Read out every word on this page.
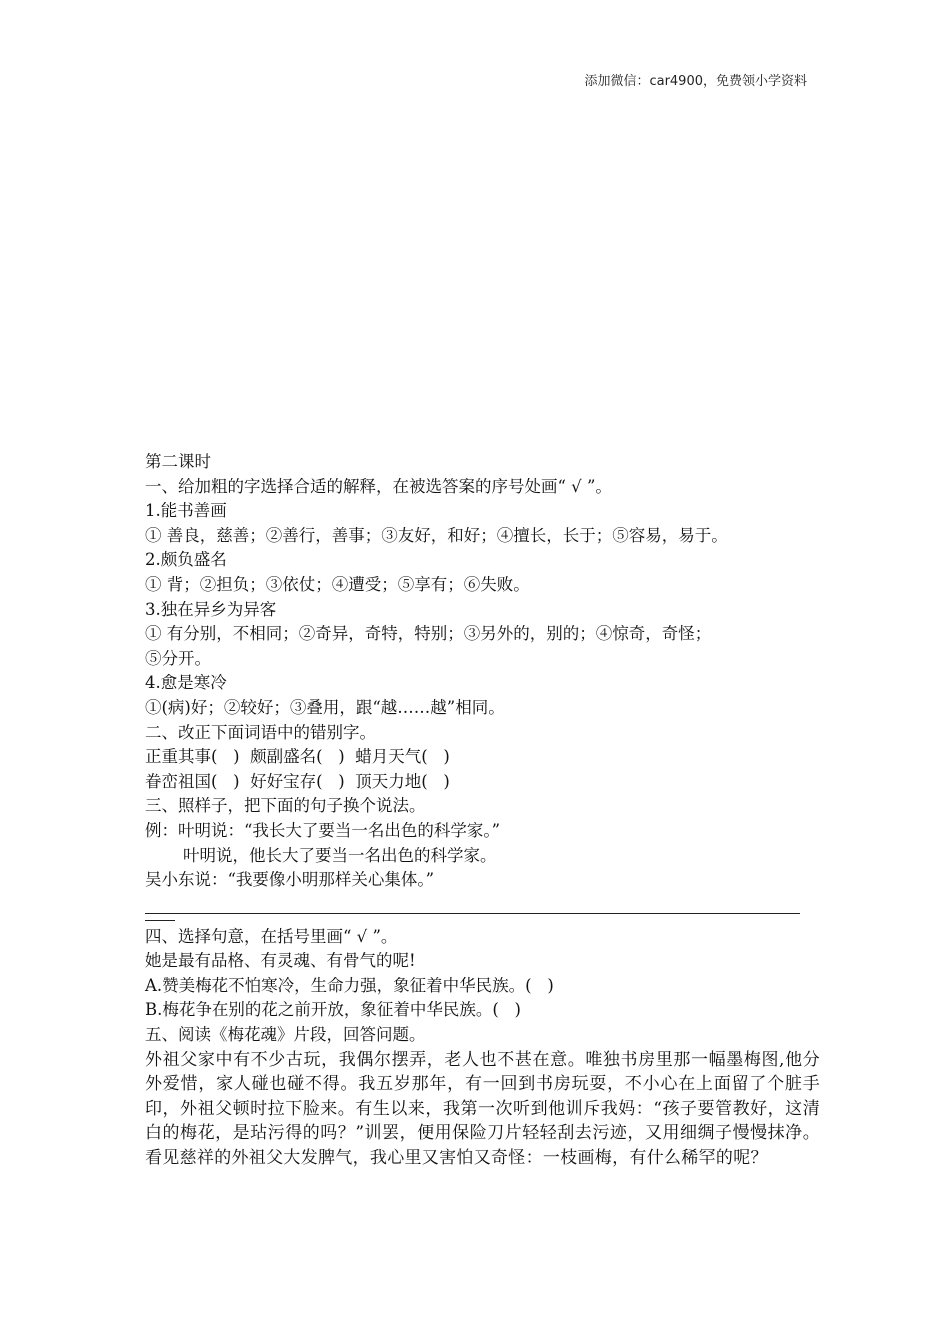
添加微信：car4900，免费领小学资料
第二课时
一、给加粗的字选择合适的解释，在被选答案的序号处画“ √ ”。
1.能书善画
① 善良，慈善；②善行，善事；③友好，和好；④擅长，长于；⑤容易，易于。
2.颇负盛名
① 背；②担负；③依仗；④遭受；⑤享有；⑥失败。
3.独在异乡为异客
① 有分别，不相同；②奇异，奇特，特别；③另外的，别的；④惊奇，奇怪；
⑤分开。
4.愈是寒冷
①(病)好；②较好；③叠用，跟“越……越”相同。
二、改正下面词语中的错别字。
正重其事(   )  颇副盛名(   )  蜡月天气(   )
眷峦祖国(   )  好好宝存(   )  顶天力地(   )
三、照样子，把下面的句子换个说法。
例：叶明说：“我长大了要当一名出色的科学家。”
叶明说，他长大了要当一名出色的科学家。
吴小东说：“我要像小明那样关心集体。”
四、选择句意，在括号里画“ √ ”。
她是最有品格、有灵魂、有骨气的呢!
A.赞美梅花不怕寒冷，生命力强，象征着中华民族。(   )
B.梅花争在别的花之前开放，象征着中华民族。(   )
五、阅读《梅花魂》片段，回答问题。
外祖父家中有不少古玩，我偶尔摆弄，老人也不甚在意。唯独书房里那一幅墨梅图,他分外爱惜，家人碰也碰不得。我五岁那年，有一回到书房玩耍，不小心在上面留了个脏手印，外祖父顿时拉下脸来。有生以来，我第一次听到他训斥我妈：“孩子要管教好，这清白的梅花，是玷污得的吗？”训罢，便用保险刀片轻轻刮去污迹，又用细绸子慢慢抹净。看见慈祥的外祖父大发脾气，我心里又害怕又奇怪：一枝画梅，有什么稀罕的呢？
